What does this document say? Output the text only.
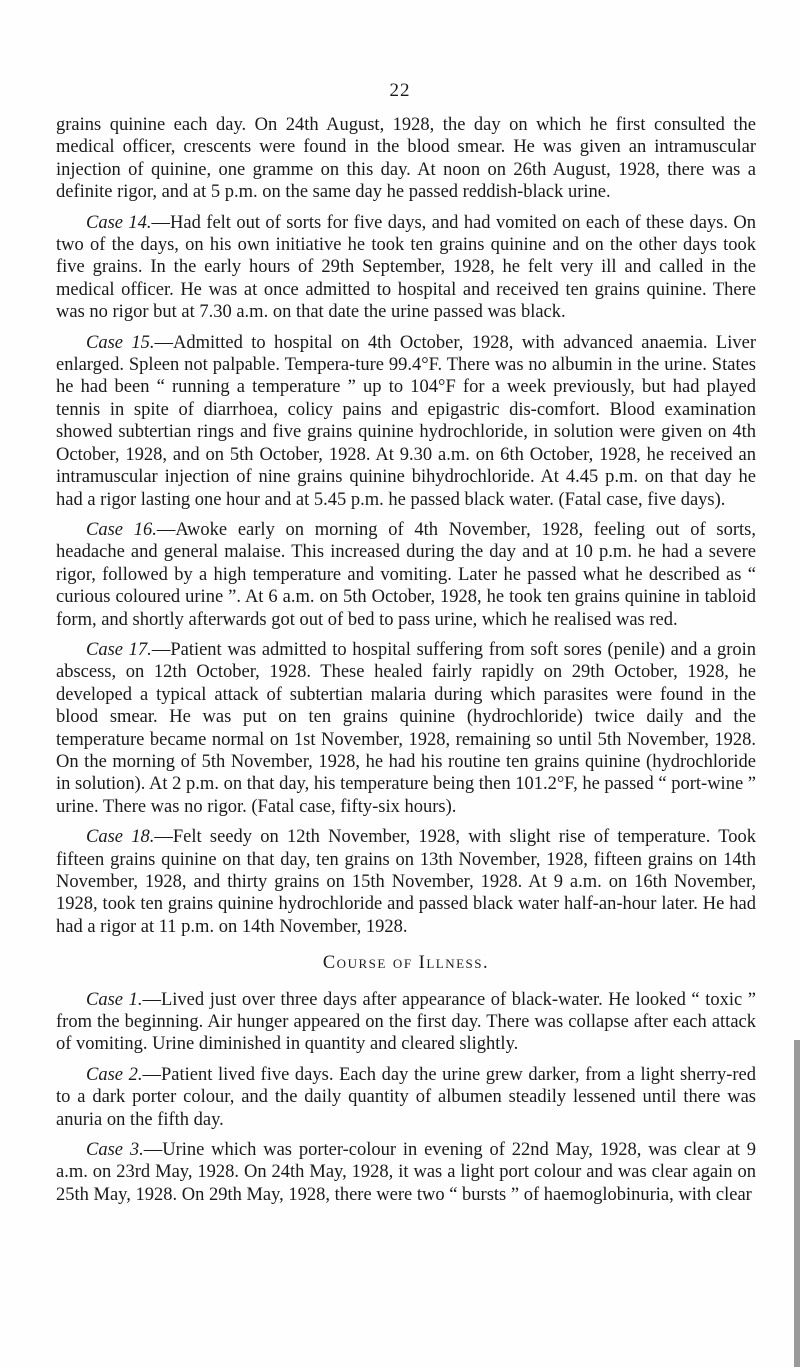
22

grains quinine each day. On 24th August, 1928, the day on which he first consulted the medical officer, crescents were found in the blood smear. He was given an intramuscular injection of quinine, one gramme on this day. At noon on 26th August, 1928, there was a definite rigor, and at 5 p.m. on the same day he passed reddish-black urine.

Case 14.—Had felt out of sorts for five days, and had vomited on each of these days. On two of the days, on his own initiative he took ten grains quinine and on the other days took five grains. In the early hours of 29th September, 1928, he felt very ill and called in the medical officer. He was at once admitted to hospital and received ten grains quinine. There was no rigor but at 7.30 a.m. on that date the urine passed was black.

Case 15.—Admitted to hospital on 4th October, 1928, with advanced anaemia. Liver enlarged. Spleen not palpable. Tempera-ture 99.4°F. There was no albumin in the urine. States he had been “ running a temperature ” up to 104°F for a week previously, but had played tennis in spite of diarrhoea, colicy pains and epigastric dis-comfort. Blood examination showed subtertian rings and five grains quinine hydrochloride, in solution were given on 4th October, 1928, and on 5th October, 1928. At 9.30 a.m. on 6th October, 1928, he received an intramuscular injection of nine grains quinine bihydrochloride. At 4.45 p.m. on that day he had a rigor lasting one hour and at 5.45 p.m. he passed black water. (Fatal case, five days).

Case 16.—Awoke early on morning of 4th November, 1928, feeling out of sorts, headache and general malaise. This increased during the day and at 10 p.m. he had a severe rigor, followed by a high temperature and vomiting. Later he passed what he described as “ curious coloured urine ”. At 6 a.m. on 5th October, 1928, he took ten grains quinine in tabloid form, and shortly afterwards got out of bed to pass urine, which he realised was red.

Case 17.—Patient was admitted to hospital suffering from soft sores (penile) and a groin abscess, on 12th October, 1928. These healed fairly rapidly on 29th October, 1928, he developed a typical attack of subtertian malaria during which parasites were found in the blood smear. He was put on ten grains quinine (hydrochloride) twice daily and the temperature became normal on 1st November, 1928, remaining so until 5th November, 1928. On the morning of 5th November, 1928, he had his routine ten grains quinine (hydrochloride in solution). At 2 p.m. on that day, his temperature being then 101.2°F, he passed “ port-wine ” urine. There was no rigor. (Fatal case, fifty-six hours).

Case 18.—Felt seedy on 12th November, 1928, with slight rise of temperature. Took fifteen grains quinine on that day, ten grains on 13th November, 1928, fifteen grains on 14th November, 1928, and thirty grains on 15th November, 1928. At 9 a.m. on 16th November, 1928, took ten grains quinine hydrochloride and passed black water half-an-hour later. He had had a rigor at 11 p.m. on 14th November, 1928.

Course of Illness.

Case 1.—Lived just over three days after appearance of black-water. He looked “ toxic ” from the beginning. Air hunger appeared on the first day. There was collapse after each attack of vomiting. Urine diminished in quantity and cleared slightly.

Case 2.—Patient lived five days. Each day the urine grew darker, from a light sherry-red to a dark porter colour, and the daily quantity of albumen steadily lessened until there was anuria on the fifth day.

Case 3.—Urine which was porter-colour in evening of 22nd May, 1928, was clear at 9 a.m. on 23rd May, 1928. On 24th May, 1928, it was a light port colour and was clear again on 25th May, 1928. On 29th May, 1928, there were two “ bursts ” of haemoglobinuria, with clear
